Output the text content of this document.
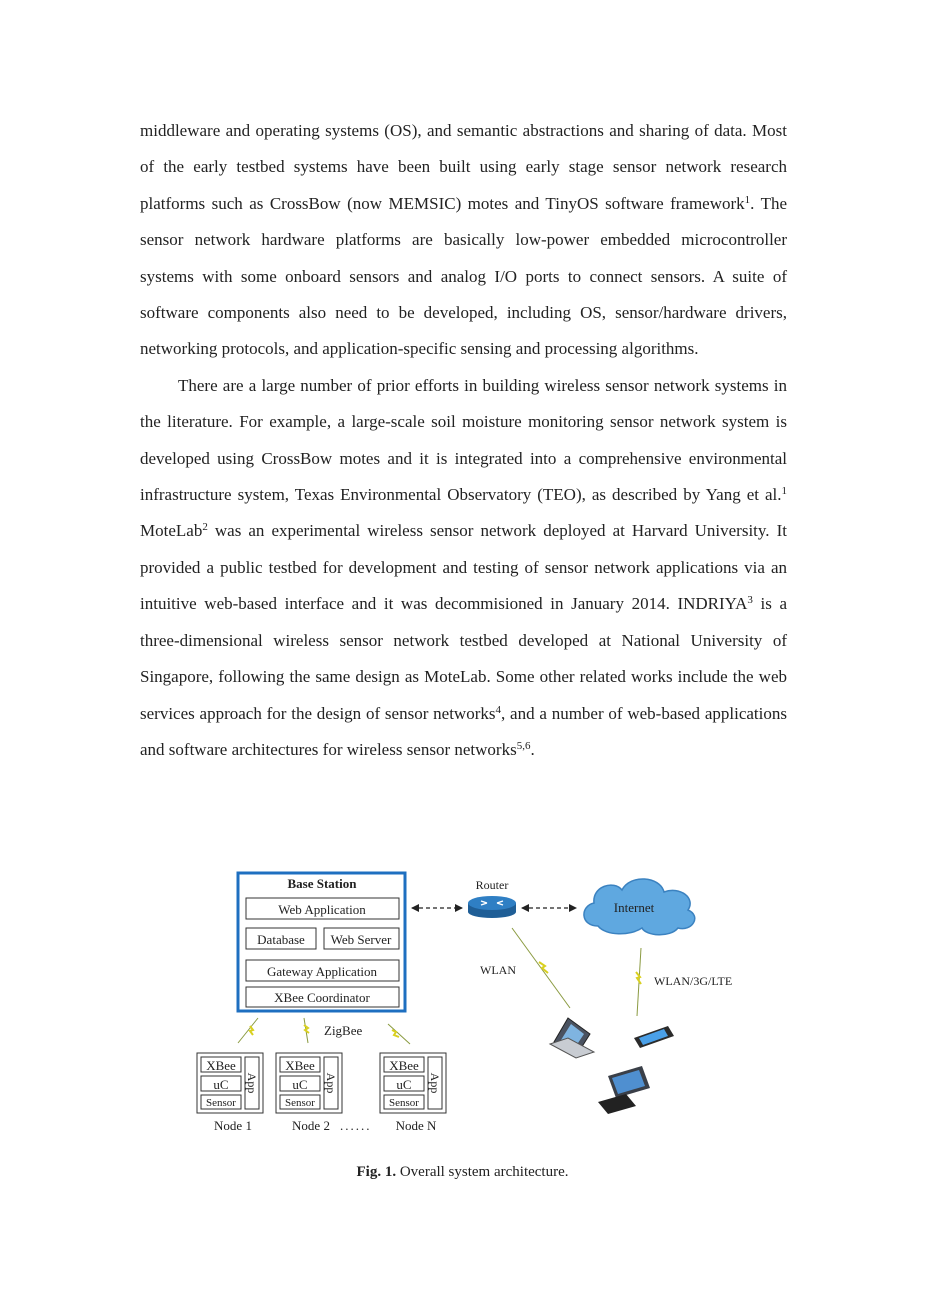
middleware and operating systems (OS), and semantic abstractions and sharing of data. Most of the early testbed systems have been built using early stage sensor network research platforms such as CrossBow (now MEMSIC) motes and TinyOS software framework$^1$. The sensor network hardware platforms are basically low-power embedded microcontroller systems with some onboard sensors and analog I/O ports to connect sensors. A suite of software components also need to be developed, including OS, sensor/hardware drivers, networking protocols, and application-specific sensing and processing algorithms.

There are a large number of prior efforts in building wireless sensor network systems in the literature. For example, a large-scale soil moisture monitoring sensor network system is developed using CrossBow motes and it is integrated into a comprehensive environmental infrastructure system, Texas Environmental Observatory (TEO), as described by Yang et al.$^1$ MoteLab$^2$ was an experimental wireless sensor network deployed at Harvard University. It provided a public testbed for development and testing of sensor network applications via an intuitive web-based interface and it was decommisioned in January 2014. INDRIYA$^3$ is a three-dimensional wireless sensor network testbed developed at National University of Singapore, following the same design as MoteLab. Some other related works include the web services approach for the design of sensor networks$^4$, and a number of web-based applications and software architectures for wireless sensor networks$^{5,6}$.

Base Station
Web Application
Database Web Server
Gateway Application
XBee Coordinator
Router
Internet
WLAN
WLAN/3G/LTE
ZigBee
XBee
uC
Sensor
App
Node 1
XBee
uC
Sensor
App
Node 2 ......
XBee
uC
Sensor
App
Node N
Fig. 1. Overall system architecture.
